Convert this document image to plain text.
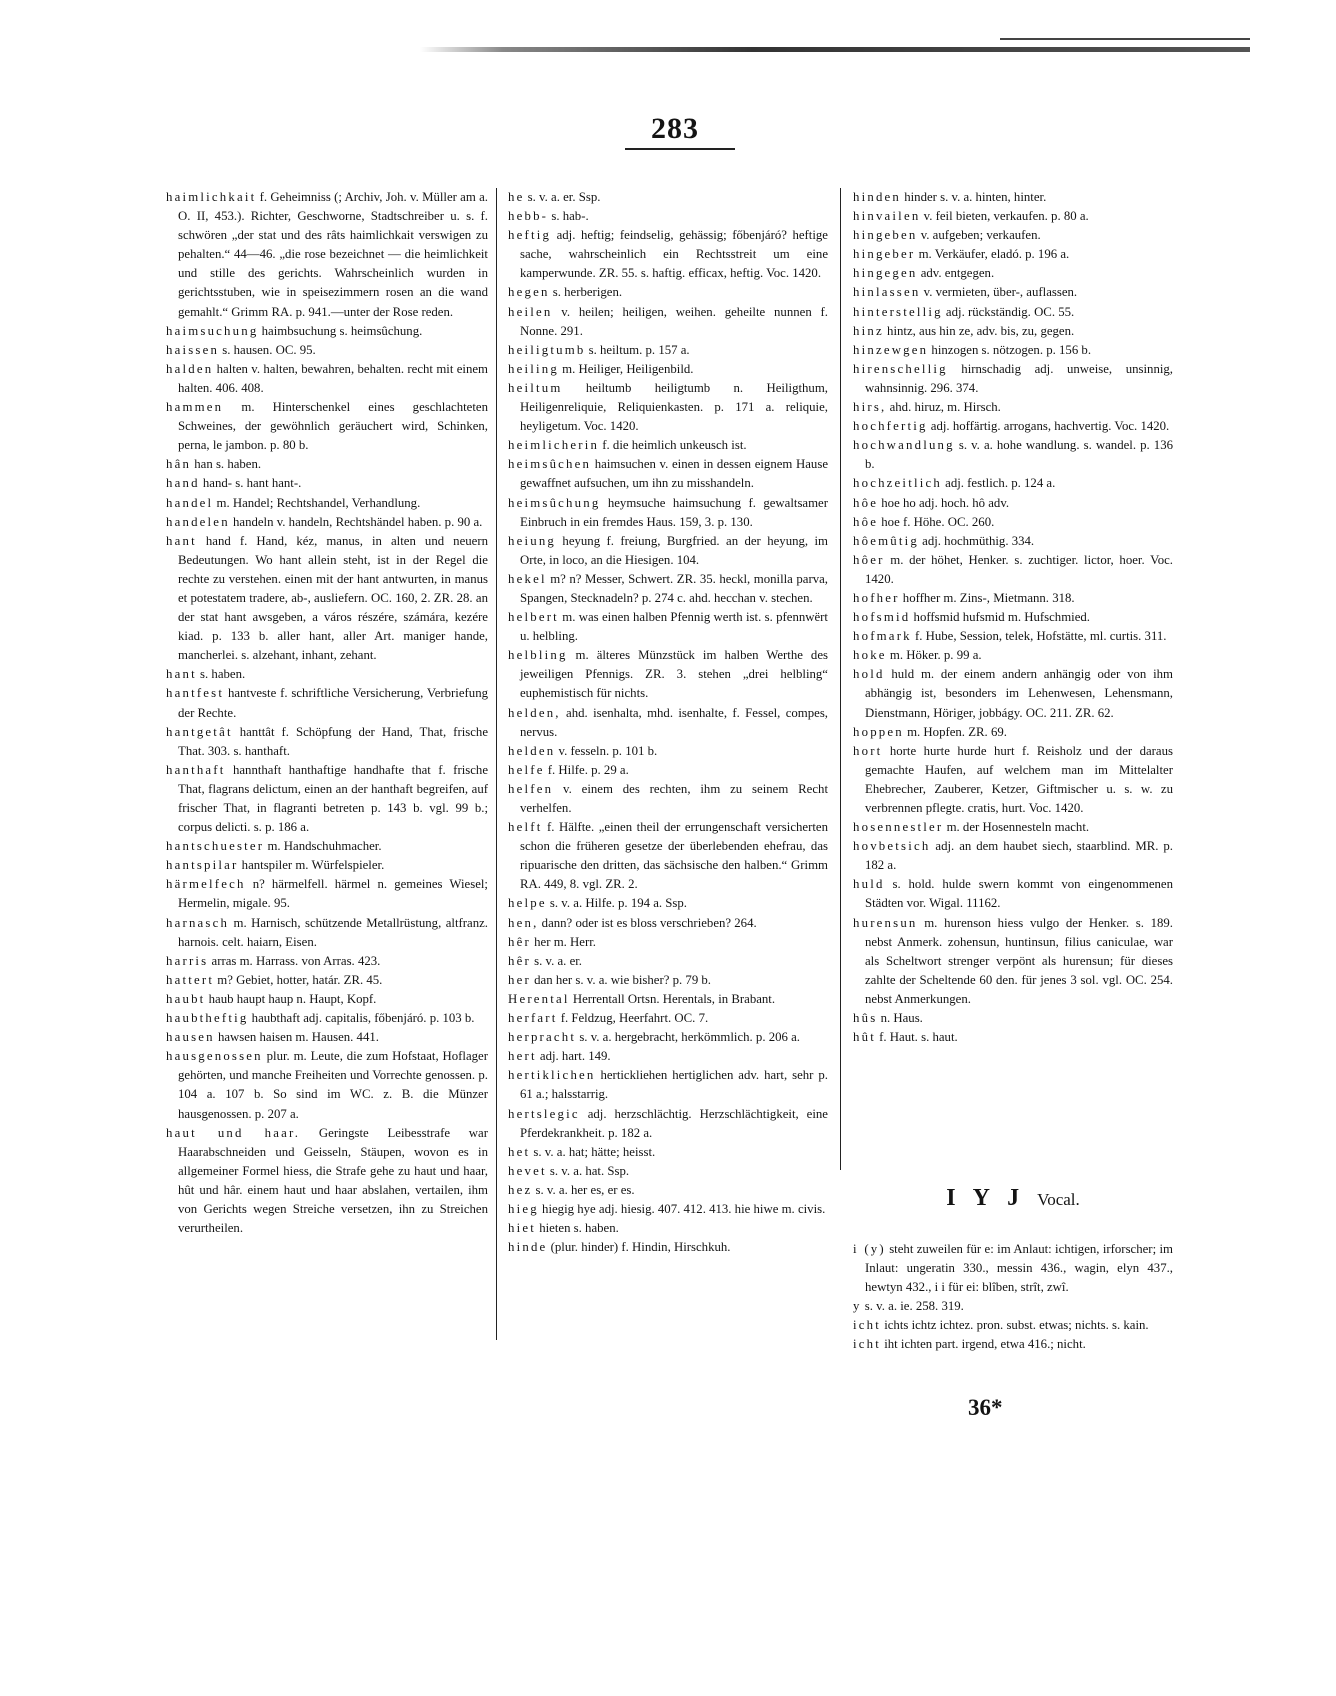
283

haimlichkait f. Geheimniss (; Archiv, Joh. v. Müller am a. O. II, 453.). Richter, Geschworne, Stadtschreiber u. s. f. schwören „der stat und des râts haimlichkait verswigen zu pehalten.“ 44—46. „die rose bezeichnet — die heimlichkeit und stille des gerichts. Wahrscheinlich wurden in gerichtsstuben, wie in speisezimmern rosen an die wand gemahlt.“ Grimm RA. p. 941.—unter der Rose reden.

haimsuchung haimbsuchung s. heimsûchung.

haissen s. hausen. OC. 95.

halden halten v. halten, bewahren, behalten. recht mit einem halten. 406. 408.

hammen m. Hinterschenkel eines geschlachteten Schweines, der gewöhnlich geräuchert wird, Schinken, perna, le jambon. p. 80 b.

hân han s. haben.

hand hand- s. hant hant-.

handel m. Handel; Rechtshandel, Verhandlung.

handelen handeln v. handeln, Rechtshändel haben. p. 90 a.

hant hand f. Hand, kéz, manus, in alten und neuern Bedeutungen. Wo hant allein steht, ist in der Regel die rechte zu verstehen. einen mit der hant antwurten, in manus et potestatem tradere, ab-, ausliefern. OC. 160, 2. ZR. 28. an der stat hant awsgeben, a város részére, számára, kezére kiad. p. 133 b. aller hant, aller Art. maniger hande, mancherlei. s. alzehant, inhant, zehant.

hant s. haben.

hantfest hantveste f. schriftliche Versicherung, Verbriefung der Rechte.

hantgetât hanttât f. Schöpfung der Hand, That, frische That. 303. s. hanthaft.

hanthaft hannthaft hanthaftige handhafte that f. frische That, flagrans delictum, einen an der hanthaft begreifen, auf frischer That, in flagranti betreten p. 143 b. vgl. 99 b.; corpus delicti. s. p. 186 a.

hantschuester m. Handschuhmacher.

hantspilar hantspiler m. Würfelspieler.

härmelfech n? härmelfell. härmel n. gemeines Wiesel; Hermelin, migale. 95.

harnasch m. Harnisch, schützende Metallrüstung, altfranz. harnois. celt. haiarn, Eisen.

harris arras m. Harrass. von Arras. 423.

hattert m? Gebiet, hotter, határ. ZR. 45.

haubt haub haupt haup n. Haupt, Kopf.

haubtheftig haubthaft adj. capitalis, főbenjáró. p. 103 b.

hausen hawsen haisen m. Hausen. 441.

hausgenossen plur. m. Leute, die zum Hofstaat, Hoflager gehörten, und manche Freiheiten und Vorrechte genossen. p. 104 a. 107 b. So sind im WC. z. B. die Münzer hausgenossen. p. 207 a.

haut und haar. Geringste Leibesstrafe war Haarabschneiden und Geisseln, Stäupen, wovon es in allgemeiner Formel hiess, die Strafe gehe zu haut und haar, hût und hâr. einem haut und haar abslahen, vertailen, ihm von Gerichts wegen Streiche versetzen, ihn zu Streichen verurtheilen.

he s. v. a. er. Ssp.

hebb- s. hab-.

heftig adj. heftig; feindselig, gehässig; főbenjáró? heftige sache, wahrscheinlich ein Rechtsstreit um eine kamperwunde. ZR. 55. s. haftig. efficax, heftig. Voc. 1420.

hegen s. herberigen.

heilen v. heilen; heiligen, weihen. geheilte nunnen f. Nonne. 291.

heiligtumb s. heiltum. p. 157 a.

heiling m. Heiliger, Heiligenbild.

heiltum heiltumb heiligtumb n. Heiligthum, Heiligenreliquie, Reliquienkasten. p. 171 a. reliquie, heyligetum. Voc. 1420.

heimlicherin f. die heimlich unkeusch ist.

heimsûchen haimsuchen v. einen in dessen eignem Hause gewaffnet aufsuchen, um ihn zu misshandeln.

heimsûchung heymsuche haimsuchung f. gewaltsamer Einbruch in ein fremdes Haus. 159, 3. p. 130.

heiung heyung f. freiung, Burgfried. an der heyung, im Orte, in loco, an die Hiesigen. 104.

hekel m? n? Messer, Schwert. ZR. 35. heckl, monilla parva, Spangen, Stecknadeln? p. 274 c. ahd. hecchan v. stechen.

helbert m. was einen halben Pfennig werth ist. s. pfennwërt u. helbling.

helbling m. älteres Münzstück im halben Werthe des jeweiligen Pfennigs. ZR. 3. stehen „drei helbling“ euphemistisch für nichts.

helden, ahd. isenhalta, mhd. isenhalte, f. Fessel, compes, nervus.

helden v. fesseln. p. 101 b.

helfe f. Hilfe. p. 29 a.

helfen v. einem des rechten, ihm zu seinem Recht verhelfen.

helft f. Hälfte. „einen theil der errungenschaft versicherten schon die früheren gesetze der überlebenden ehefrau, das ripuarische den dritten, das sächsische den halben.“ Grimm RA. 449, 8. vgl. ZR. 2.

helpe s. v. a. Hilfe. p. 194 a. Ssp.

hen, dann? oder ist es bloss verschrieben? 264.

hêr her m. Herr.

hêr s. v. a. er.

her dan her s. v. a. wie bisher? p. 79 b.

Herental Herrentall Ortsn. Herentals, in Brabant.

herfart f. Feldzug, Heerfahrt. OC. 7.

herpracht s. v. a. hergebracht, herkömmlich. p. 206 a.

hert adj. hart. 149.

hertiklichen hertickliehen hertiglichen adv. hart, sehr p. 61 a.; halsstarrig.

hertslegic adj. herzschlächtig. Herzschlächtigkeit, eine Pferdekrankheit. p. 182 a.

het s. v. a. hat; hätte; heisst.

hevet s. v. a. hat. Ssp.

hez s. v. a. her es, er es.

hieg hiegig hye adj. hiesig. 407. 412. 413. hie hiwe m. civis.

hiet hieten s. haben.

hinde (plur. hinder) f. Hindin, Hirschkuh.

hinden hinder s. v. a. hinten, hinter.

hinvailen v. feil bieten, verkaufen. p. 80 a.

hingeben v. aufgeben; verkaufen.

hingeber m. Verkäufer, eladó. p. 196 a.

hingegen adv. entgegen.

hinlassen v. vermieten, über-, auflassen.

hinterstellig adj. rückständig. OC. 55.

hinz hintz, aus hin ze, adv. bis, zu, gegen.

hinzewgen hinzogen s. nötzogen. p. 156 b.

hirenschellig hirnschadig adj. unweise, unsinnig, wahnsinnig. 296. 374.

hirs, ahd. hiruz, m. Hirsch.

hochfertig adj. hoffärtig. arrogans, hachvertig. Voc. 1420.

hochwandlung s. v. a. hohe wandlung. s. wandel. p. 136 b.

hochzeitlich adj. festlich. p. 124 a.

hôe hoe ho adj. hoch. hô adv.

hôe hoe f. Höhe. OC. 260.

hôemûtig adj. hochmüthig. 334.

hôer m. der höhet, Henker. s. zuchtiger. lictor, hoer. Voc. 1420.

hofher hoffher m. Zins-, Mietmann. 318.

hofsmid hoffsmid hufsmid m. Hufschmied.

hofmark f. Hube, Session, telek, Hofstätte, ml. curtis. 311.

hoke m. Höker. p. 99 a.

hold huld m. der einem andern anhängig oder von ihm abhängig ist, besonders im Lehenwesen, Lehensmann, Dienstmann, Höriger, jobbágy. OC. 211. ZR. 62.

hoppen m. Hopfen. ZR. 69.

hort horte hurte hurde hurt f. Reisholz und der daraus gemachte Haufen, auf welchem man im Mittelalter Ehebrecher, Zauberer, Ketzer, Giftmischer u. s. w. zu verbrennen pflegte. cratis, hurt. Voc. 1420.

hosennestler m. der Hosennesteln macht.

hovbetsich adj. an dem haubet siech, staarblind. MR. p. 182 a.

huld s. hold. hulde swern kommt von eingenommenen Städten vor. Wigal. 11162.

hurensun m. hurenson hiess vulgo der Henker. s. 189. nebst Anmerk. zohensun, huntinsun, filius caniculae, war als Scheltwort strenger verpönt als hurensun; für dieses zahlte der Scheltende 60 den. für jenes 3 sol. vgl. OC. 254. nebst Anmerkungen.

hûs n. Haus.

hût f. Haut. s. haut.

I Y J Vocal.

i (y) steht zuweilen für e: im Anlaut: ichtigen, irforscher; im Inlaut: ungeratin 330., messin 436., wagin, elyn 437., hewtyn 432., i i für ei: blîben, strît, zwî.

y s. v. a. ie. 258. 319.

icht ichts ichtz ichtez. pron. subst. etwas; nichts. s. kain.

icht iht ichten part. irgend, etwa 416.; nicht.

36*
